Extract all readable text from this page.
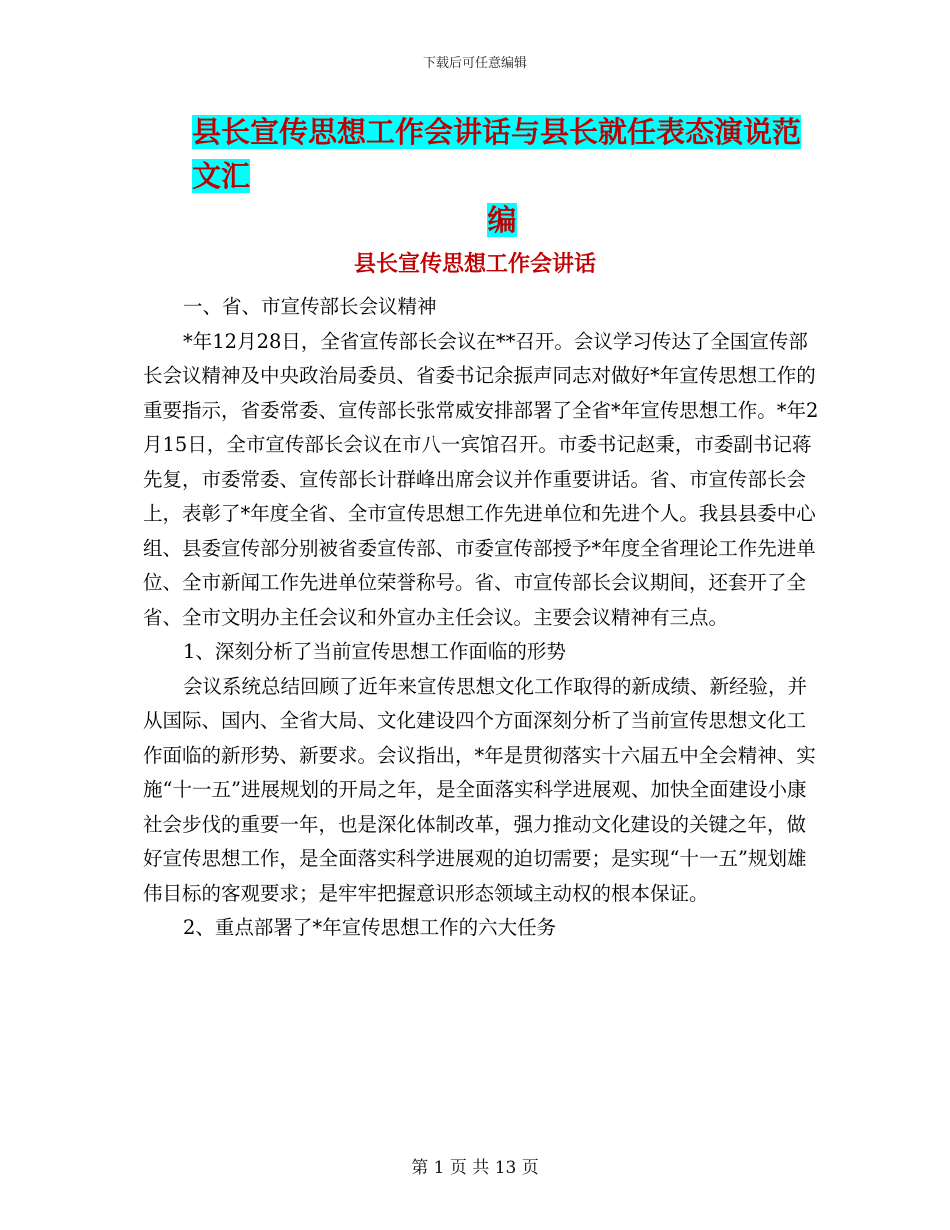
下载后可任意编辑
县长宣传思想工作会讲话与县长就任表态演说范文汇
编
县长宣传思想工作会讲话

一、省、市宣传部长会议精神

*年12月28日，全省宣传部长会议在**召开。会议学习传达了全国宣传部长会议精神及中央政治局委员、省委书记余振声同志对做好*年宣传思想工作的重要指示，省委常委、宣传部长张常威安排部署了全省*年宣传思想工作。*年2月15日，全市宣传部长会议在市八一宾馆召开。市委书记赵秉，市委副书记蒋先复，市委常委、宣传部长计群峰出席会议并作重要讲话。省、市宣传部长会上，表彰了*年度全省、全市宣传思想工作先进单位和先进个人。我县县委中心组、县委宣传部分别被省委宣传部、市委宣传部授予*年度全省理论工作先进单位、全市新闻工作先进单位荣誉称号。省、市宣传部长会议期间，还套开了全省、全市文明办主任会议和外宣办主任会议。主要会议精神有三点。

1、深刻分析了当前宣传思想工作面临的形势

会议系统总结回顾了近年来宣传思想文化工作取得的新成绩、新经验，并从国际、国内、全省大局、文化建设四个方面深刻分析了当前宣传思想文化工作面临的新形势、新要求。会议指出，*年是贯彻落实十六届五中全会精神、实施“十一五”进展规划的开局之年，是全面落实科学进展观、加快全面建设小康社会步伐的重要一年，也是深化体制改革，强力推动文化建设的关键之年，做好宣传思想工作，是全面落实科学进展观的迫切需要；是实现“十一五”规划雄伟目标的客观要求；是牢牢把握意识形态领域主动权的根本保证。

2、重点部署了*年宣传思想工作的六大任务

第 1 页 共 13 页
